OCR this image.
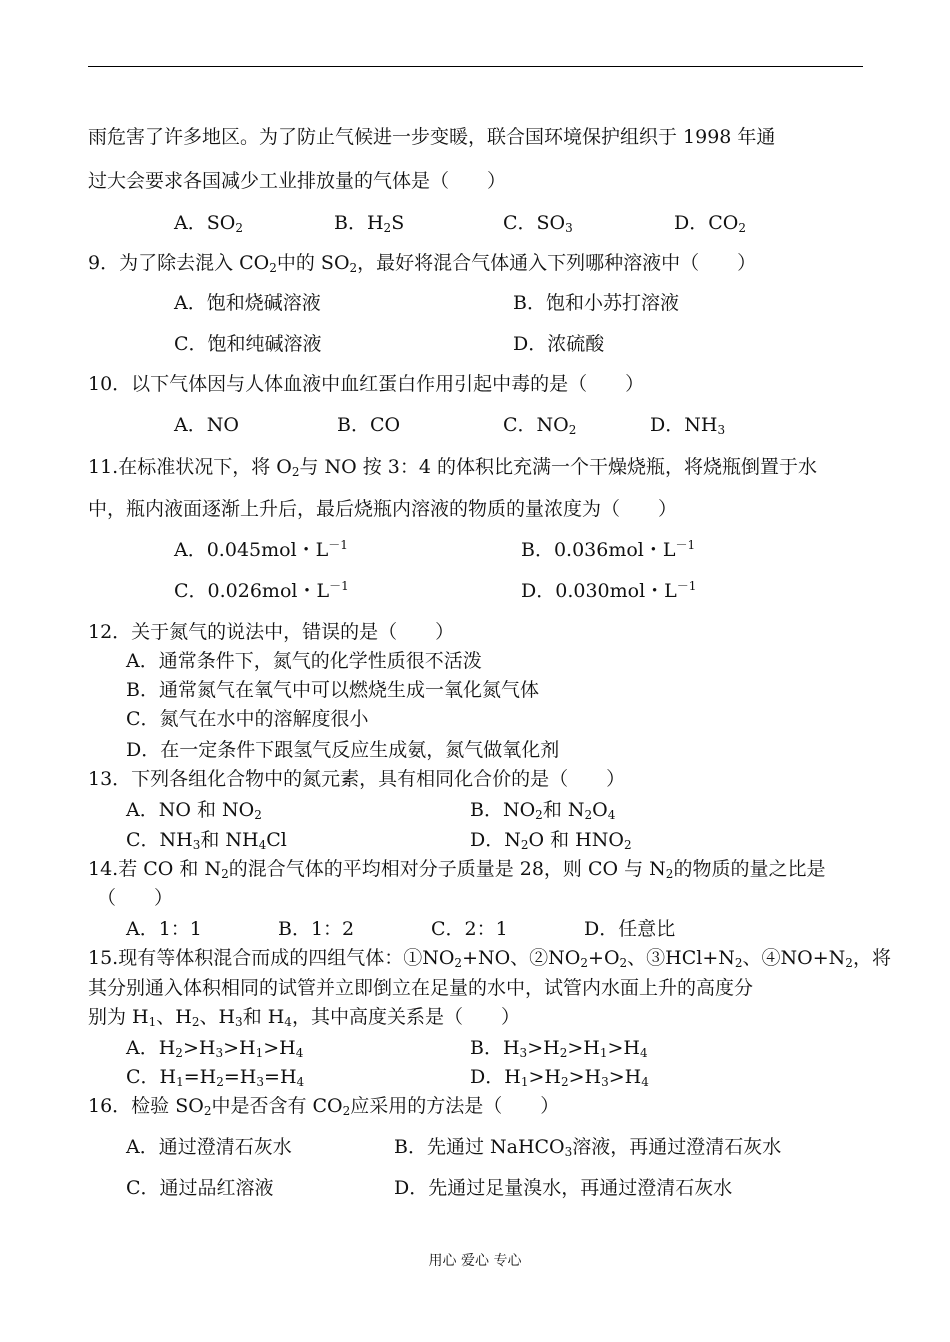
雨危害了许多地区。为了防止气候进一步变暖，联合国环境保护组织于 1998 年通
过大会要求各国减少工业排放量的气体是（　　）
A．$SO_2$	B．$H_2S$	C．$SO_3$	D．$CO_2$
9．为了除去混入 $CO_2$中的 $SO_2$，最好将混合气体通入下列哪种溶液中（　　）
A．饱和烧碱溶液	B．饱和小苏打溶液
C．饱和纯碱溶液	D．浓硫酸
10．以下气体因与人体血液中血红蛋白作用引起中毒的是（　　）
A．NO	B．CO	C．$NO_2$	D．$NH_3$
11.在标准状况下，将 $O_2$与 NO 按 3：4 的体积比充满一个干燥烧瓶，将烧瓶倒置于水
中，瓶内液面逐渐上升后，最后烧瓶内溶液的物质的量浓度为（　　）
A．0.045mol・$L^{-1}$	B．0.036mol・$L^{-1}$
C．0.026mol・$L^{-1}$	D．0.030mol・$L^{-1}$
12．关于氮气的说法中，错误的是（　　）
A．通常条件下，氮气的化学性质很不活泼
B．通常氮气在氧气中可以燃烧生成一氧化氮气体
C．氮气在水中的溶解度很小
D．在一定条件下跟氢气反应生成氨，氮气做氧化剂
13．下列各组化合物中的氮元素，具有相同化合价的是（　　）
A．NO 和 $NO_2$	B．$NO_2$和 $N_2O_4$
C．$NH_3$和 $NH_4Cl$	D．$N_2O$ 和 $HNO_2$
14.若 CO 和 $N_2$的混合气体的平均相对分子质量是 28，则 CO 与 $N_2$的物质的量之比是
（　　）
A．1：1	B．1：2	C．2：1	D．任意比
15.现有等体积混合而成的四组气体：$①NO_2+NO$、$②NO_2+O_2$、$③HCl+N_2$、$④NO+N_2$，将
其分别通入体积相同的试管并立即倒立在足量的水中，试管内水面上升的高度分
别为 $H_1$、$H_2$、$H_3$和 $H_4$，其中高度关系是（　　）
A．$H_2>H_3>H_1>H_4$	B．$H_3>H_2>H_1>H_4$
C．$H_1=H_2=H_3=H_4$	D．$H_1>H_2>H_3>H_4$
16．检验 $SO_2$中是否含有 $CO_2$应采用的方法是（　　）
A．通过澄清石灰水	B．先通过 NaHCO$_3$溶液，再通过澄清石灰水
C．通过品红溶液	D．先通过足量溴水，再通过澄清石灰水
用心 爱心 专心
